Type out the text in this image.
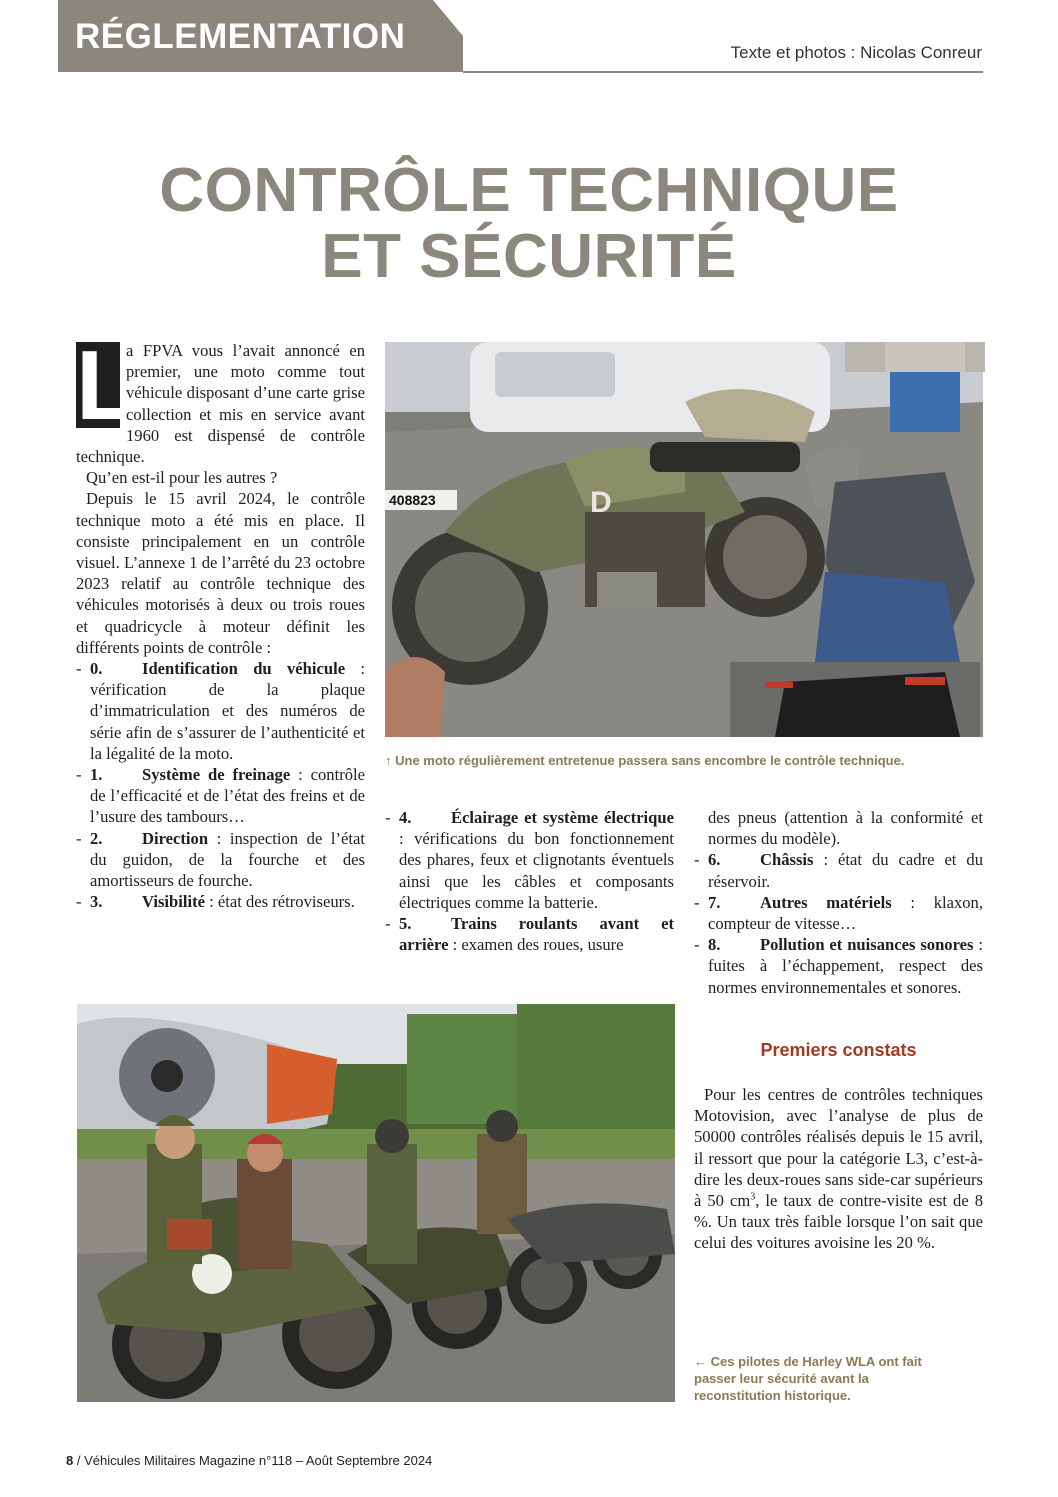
RÉGLEMENTATION	Texte et photos : Nicolas Conreur
CONTRÔLE TECHNIQUE
ET SÉCURITÉ
L

a FPVA vous l’avait annoncé en premier, une moto comme tout véhicule disposant d’une carte grise collection et mis en service avant 1960 est dispensé de contrôle technique.

Qu’en est-il pour les autres ?

Depuis le 15 avril 2024, le contrôle technique moto a été mis en place. Il consiste principalement en un contrôle visuel. L’annexe 1 de l’arrêté du 23 octobre 2023 relatif au contrôle technique des véhicules motorisés à deux ou trois roues et quadricycle à moteur définit les différents points de contrôle :

- 0. Identification du véhicule : vérification de la plaque d’immatriculation et des numéros de série afin de s’assurer de l’authenticité et la légalité de la moto.

- 1. Système de freinage : contrôle de l’efficacité et de l’état des freins et de l’usure des tambours…

- 2. Direction : inspection de l’état du guidon, de la fourche et des amortisseurs de fourche.

- 3. Visibilité : état des rétroviseurs.

408823	D
↑ Une moto régulièrement entretenue passera sans encombre le contrôle technique.

- 4. Éclairage et système électrique : vérifications du bon fonctionnement des phares, feux et clignotants éventuels ainsi que les câbles et composants électriques comme la batterie.

- 5. Trains roulants avant et arrière : examen des roues, usure

des pneus (attention à la conformité et normes du modèle).

- 6. Châssis : état du cadre et du réservoir.

- 7. Autres matériels : klaxon, compteur de vitesse…

- 8. Pollution et nuisances sonores : fuites à l’échappement, respect des normes environnementales et sonores.

Premiers constats

Pour les centres de contrôles techniques Motovision, avec l’analyse de plus de 50000 contrôles réalisés depuis le 15 avril, il ressort que pour la catégorie L3, c’est-à-dire les deux-roues sans side-car supérieurs à 50 $cm^3$, le taux de contre-visite est de 8 %. Un taux très faible lorsque l’on sait que celui des voitures avoisine les 20 %.

← Ces pilotes de Harley WLA ont fait passer leur sécurité avant la reconstitution historique.
8 / Véhicules Militaires Magazine n°118 – Août Septembre 2024
